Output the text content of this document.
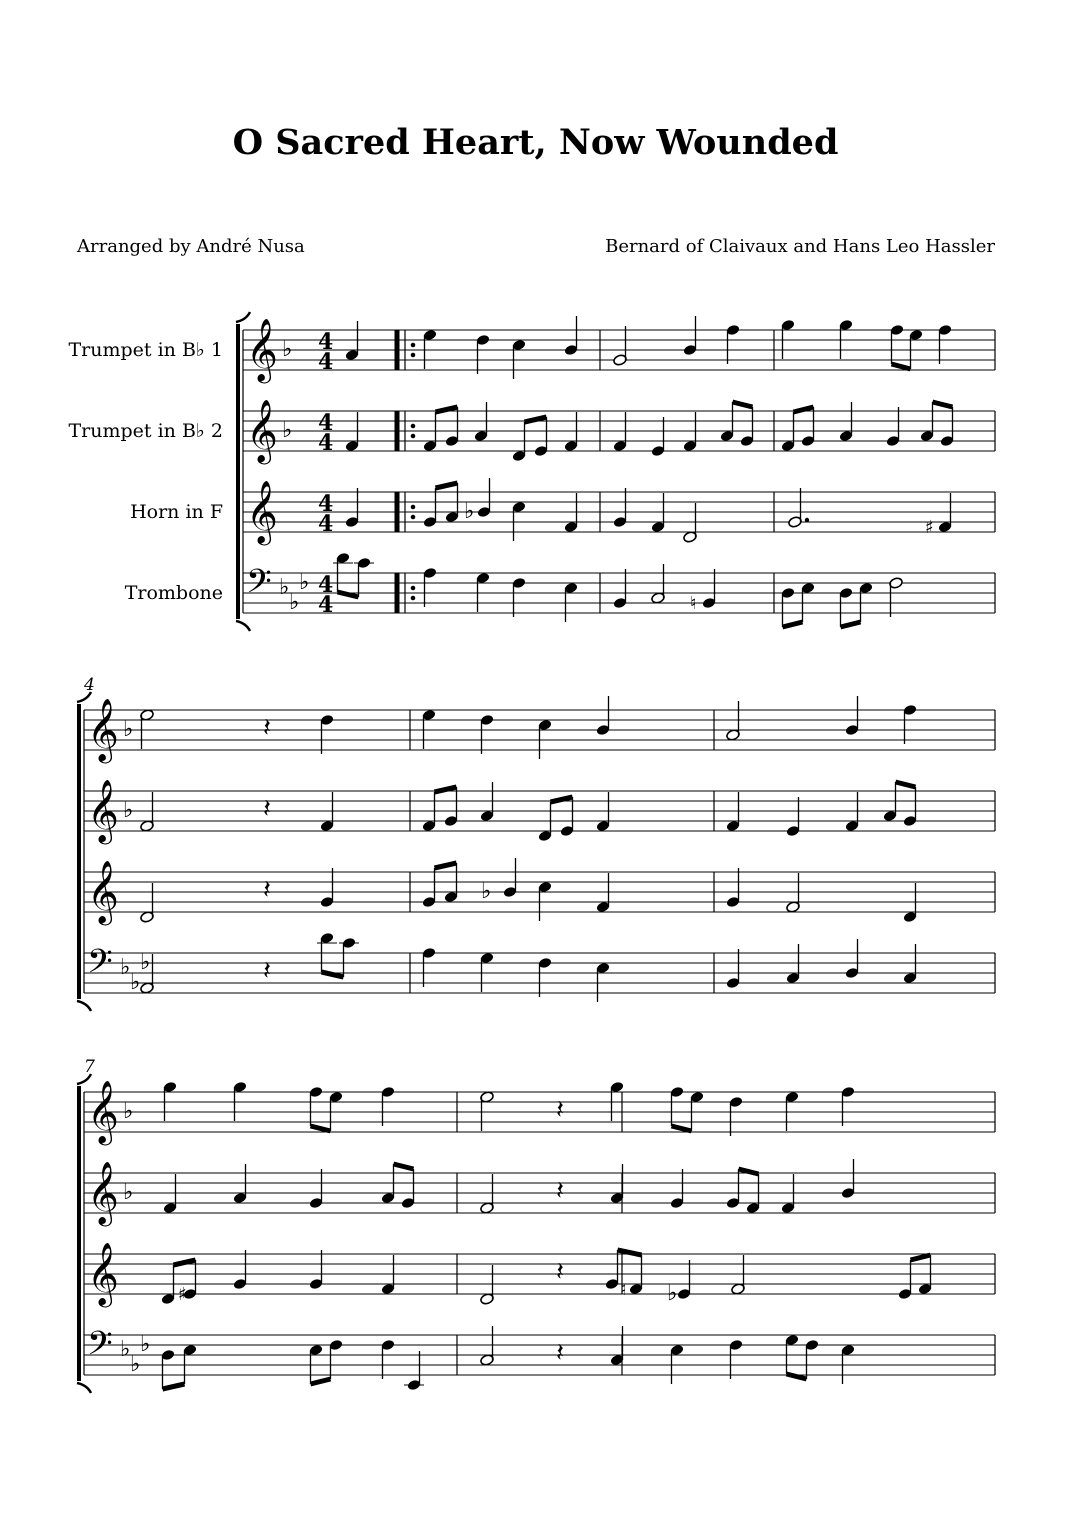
O Sacred Heart, Now Wounded
Arranged by André Nusa	Bernard of Claivaux and Hans Leo Hassler
Trumpet in B♭ 1
Trumpet in B♭ 2
Horn in F
Trombone
𝄞 ♭ 4
4
𝄞 ♭ 4
4
𝄞 4
4
𝄢 ♭
♭
♭ 4
4
𝄞 ♭
𝄞 ♭
𝄞
𝄢 ♭
♭
♭
𝄞 ♭
𝄞 ♭
𝄞
𝄢 ♭
♭
♭
4
7
♭
♯
♮
𝄽
𝄽
𝄽	♭
𝄽
𝄽
𝄽
♯
𝄽
♮ ♭
𝄽
